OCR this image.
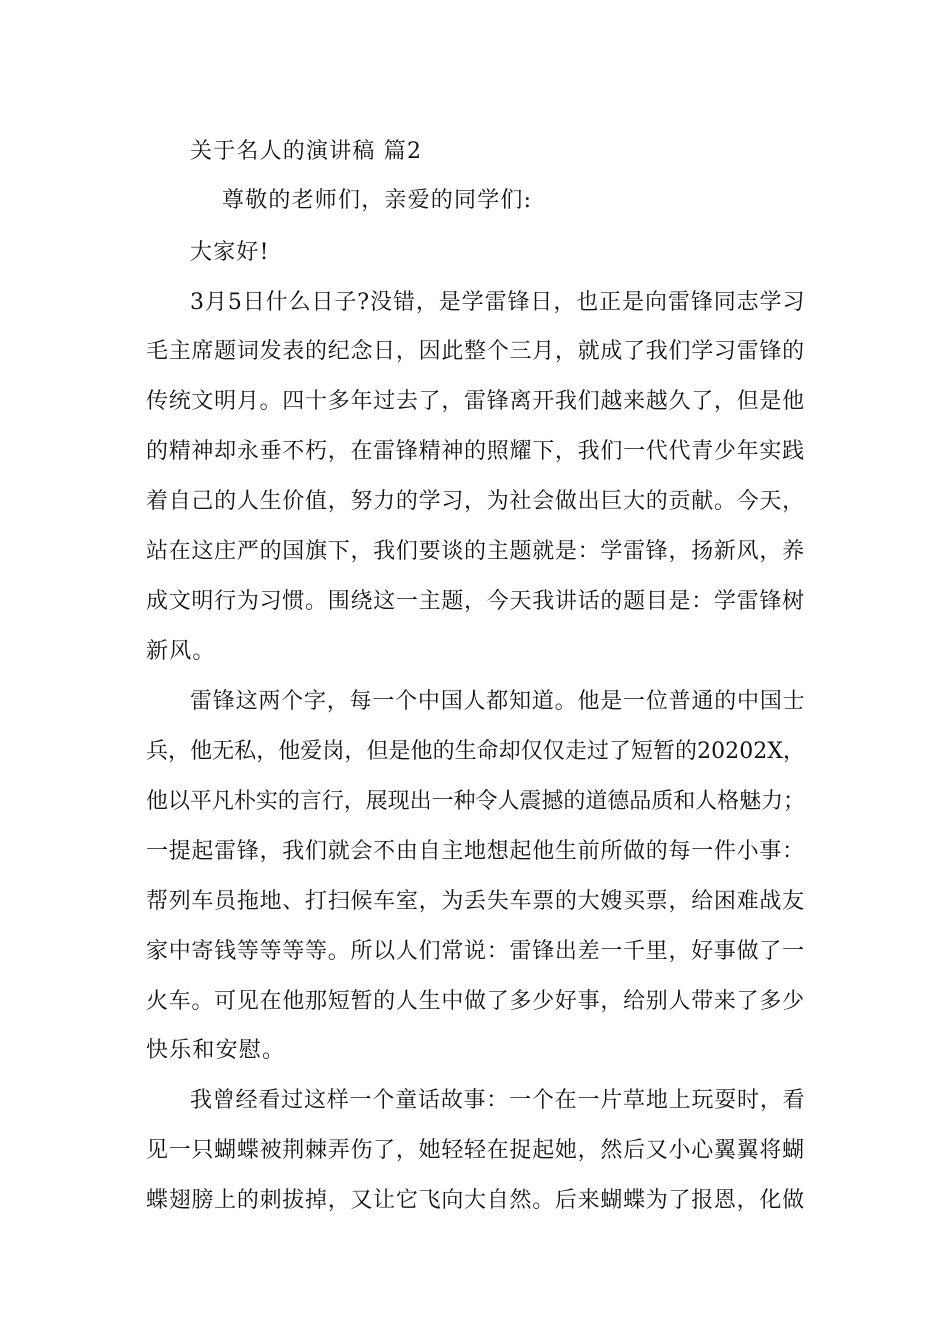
关于名人的演讲稿 篇2
尊敬的老师们，亲爱的同学们:
大家好!
3月5日什么日子?没错，是学雷锋日，也正是向雷锋同志学习
毛主席题词发表的纪念日，因此整个三月，就成了我们学习雷锋的
传统文明月。四十多年过去了，雷锋离开我们越来越久了，但是他
的精神却永垂不朽，在雷锋精神的照耀下，我们一代代青少年实践
着自己的人生价值，努力的学习，为社会做出巨大的贡献。今天，
站在这庄严的国旗下，我们要谈的主题就是：学雷锋，扬新风，养
成文明行为习惯。围绕这一主题，今天我讲话的题目是：学雷锋树
新风。
雷锋这两个字，每一个中国人都知道。他是一位普通的中国士
兵，他无私，他爱岗，但是他的生命却仅仅走过了短暂的20202X，
他以平凡朴实的言行，展现出一种令人震撼的道德品质和人格魅力；
一提起雷锋，我们就会不由自主地想起他生前所做的每一件小事：
帮列车员拖地、打扫候车室，为丢失车票的大嫂买票，给困难战友
家中寄钱等等等等。所以人们常说：雷锋出差一千里，好事做了一
火车。可见在他那短暂的人生中做了多少好事，给别人带来了多少
快乐和安慰。
我曾经看过这样一个童话故事：一个在一片草地上玩耍时，看
见一只蝴蝶被荆棘弄伤了，她轻轻在捉起她，然后又小心翼翼将蝴
蝶翅膀上的刺拔掉，又让它飞向大自然。后来蝴蝶为了报恩，化做
